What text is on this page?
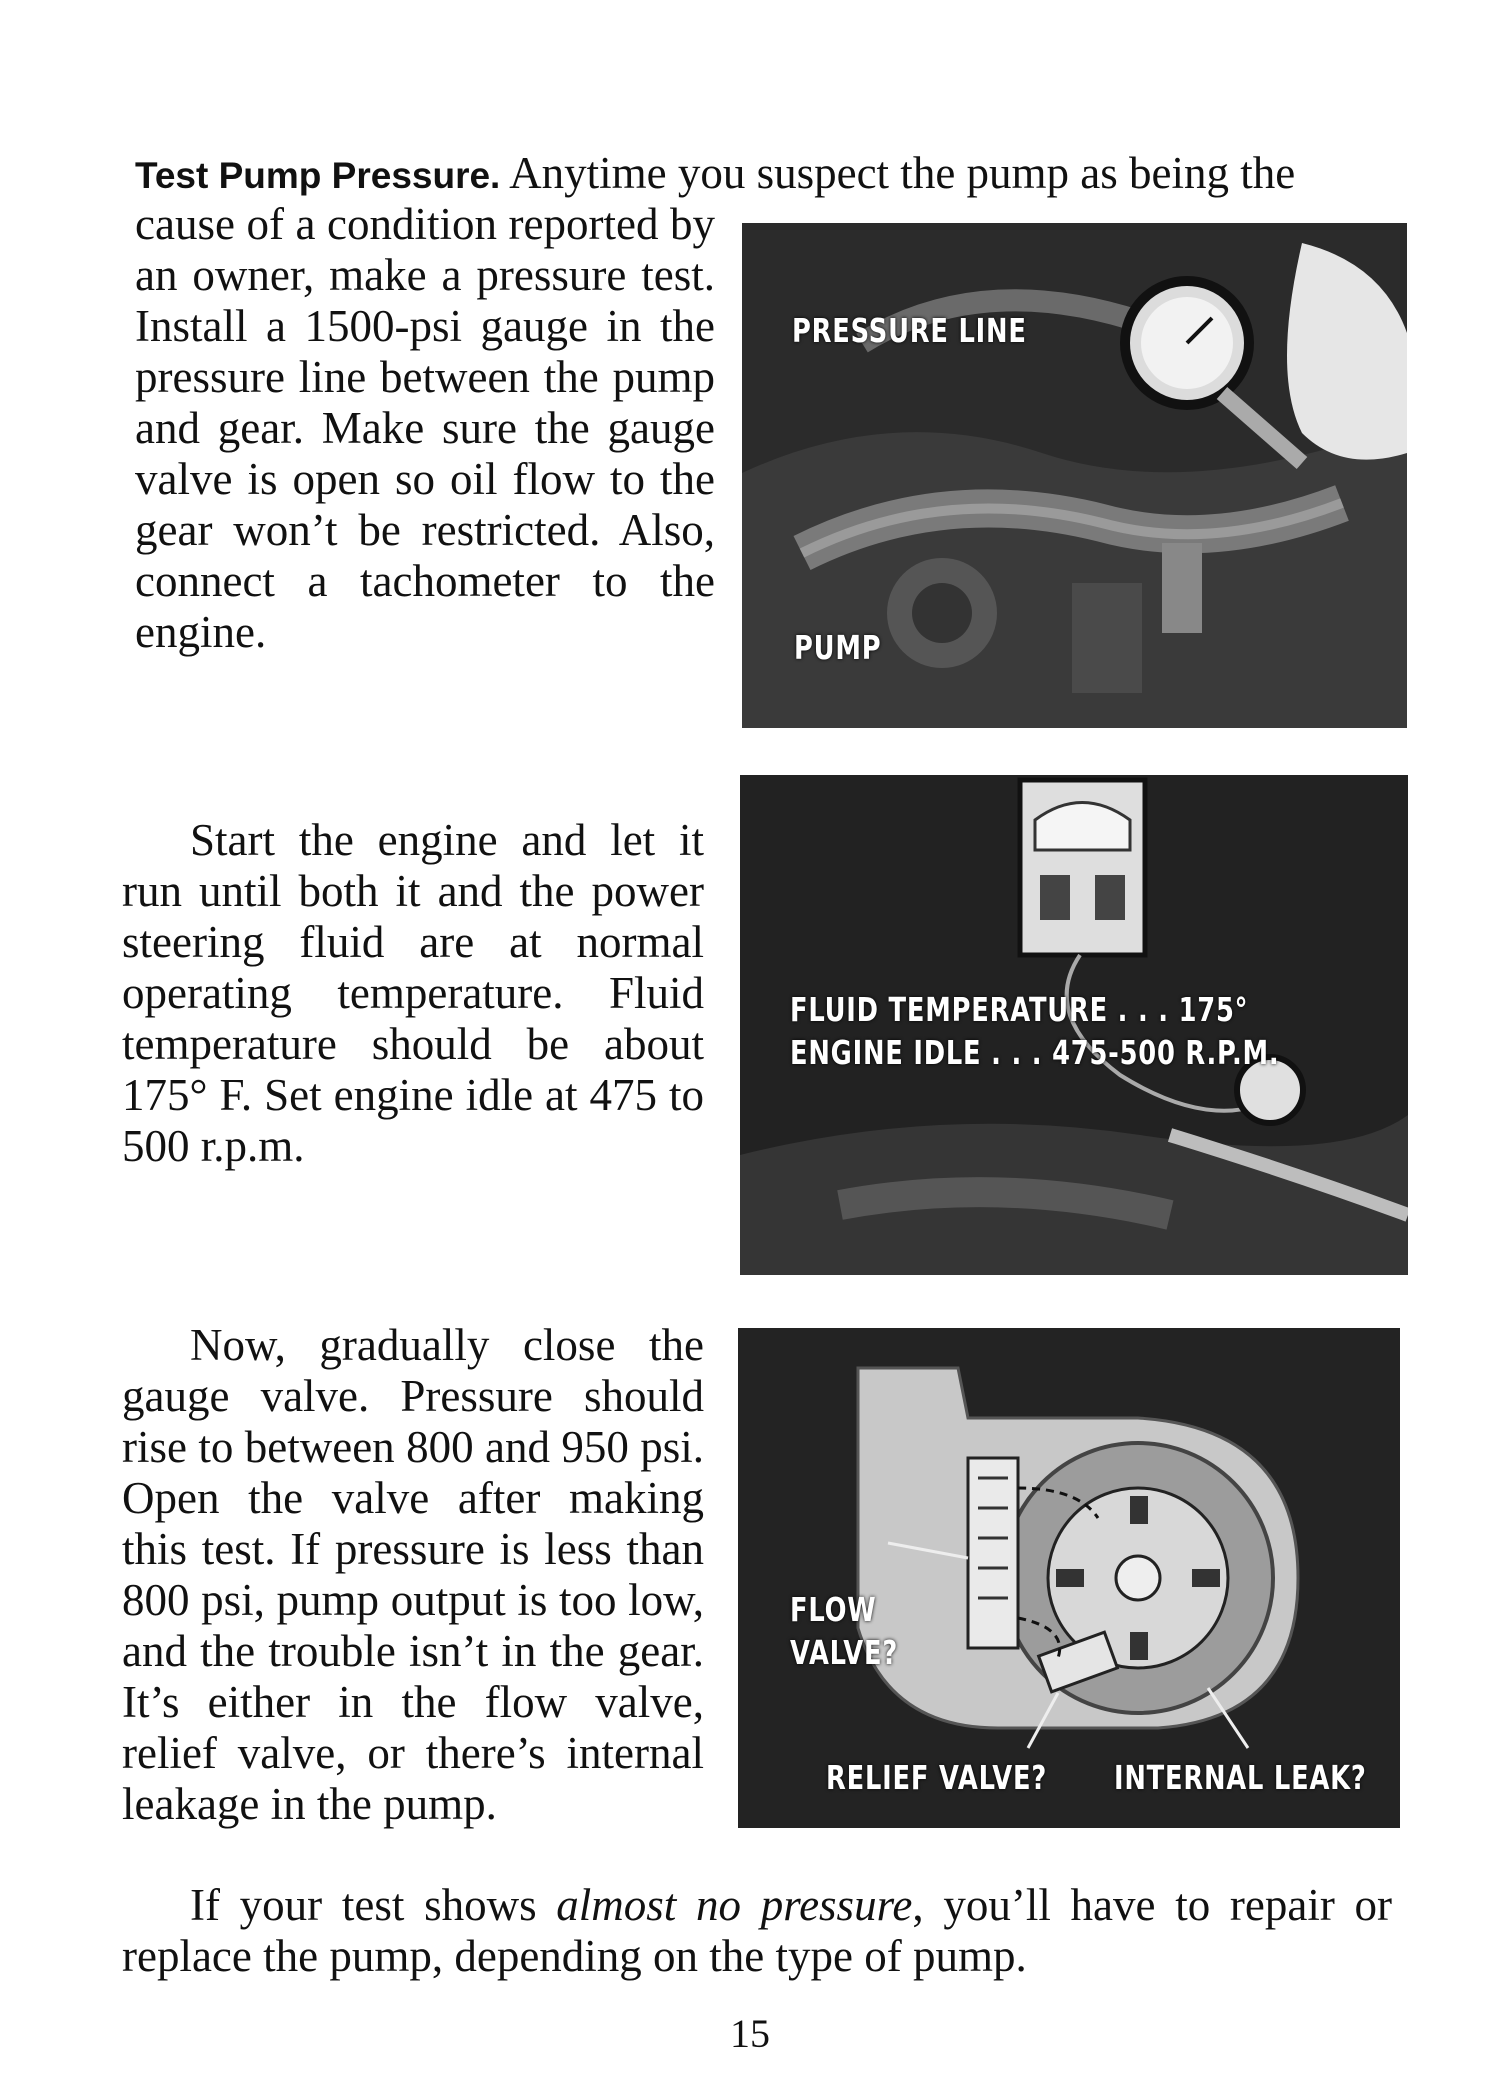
Test Pump Pressure. Anytime you suspect the pump as being the

cause of a condition reported by an owner, make a pressure test. Install a 1500-psi gauge in the pressure line between the pump and gear. Make sure the gauge valve is open so oil flow to the gear won’t be restricted. Also, connect a tachometer to the engine.

PRESSURE LINE
PUMP

Start the engine and let it run until both it and the power steering fluid are at normal operating temperature. Fluid temperature should be about 175° F. Set engine idle at 475 to 500 r.p.m.

FLUID TEMPERATURE . . . 175°
ENGINE IDLE . . . 475-500 R.P.M.

Now, gradually close the gauge valve. Pressure should rise to between 800 and 950 psi. Open the valve after making this test. If pressure is less than 800 psi, pump output is too low, and the trouble isn’t in the gear. It’s either in the flow valve, relief valve, or there’s internal leakage in the pump.

FLOW
VALVE?
RELIEF VALVE? INTERNAL LEAK?

If your test shows almost no pressure, you’ll have to repair or replace the pump, depending on the type of pump.

15
